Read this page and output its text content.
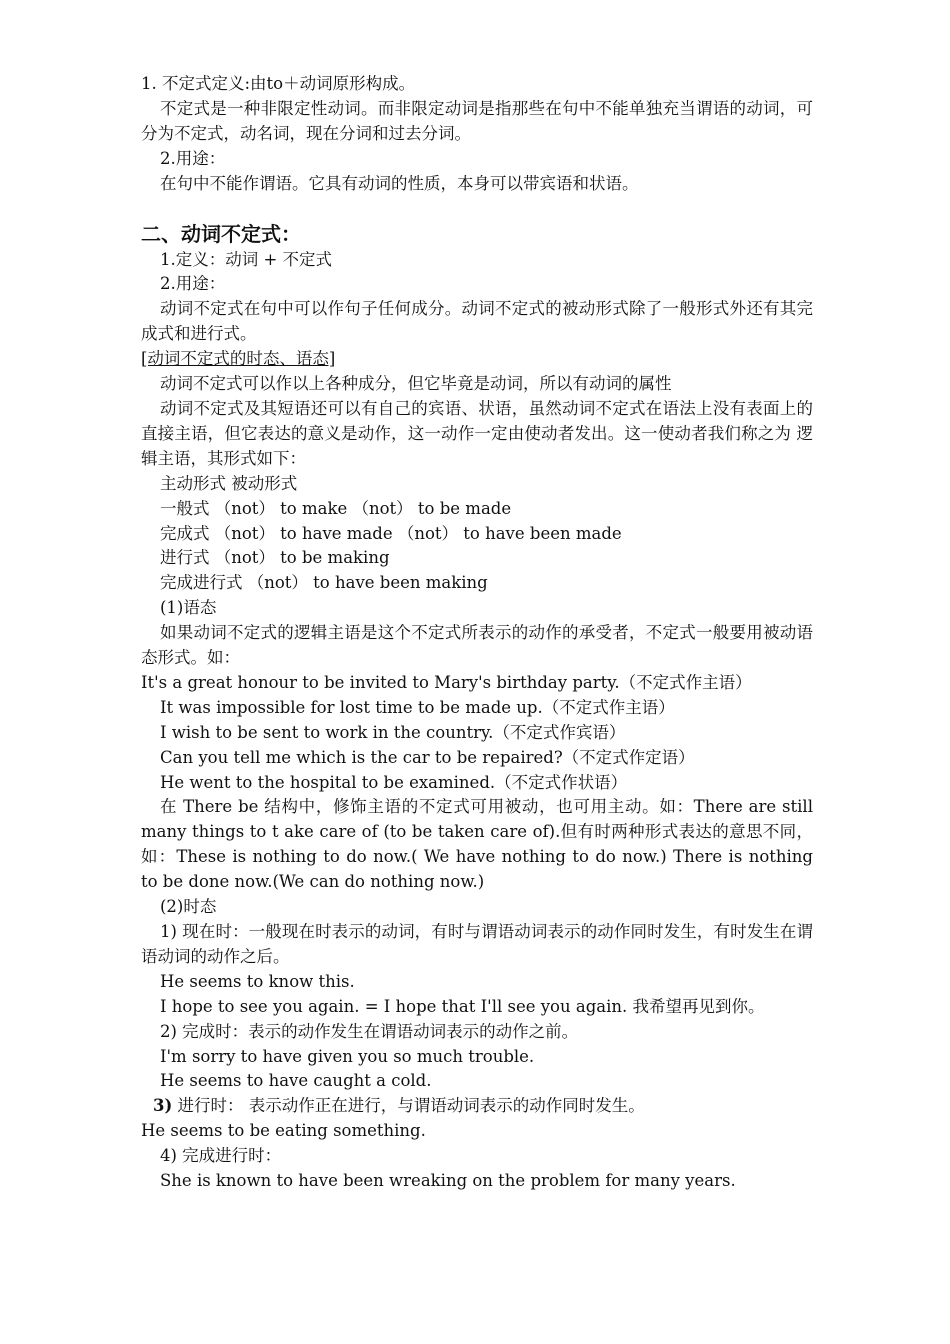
1. 不定式定义:由to＋动词原形构成。
不定式是一种非限定性动词。而非限定动词是指那些在句中不能单独充当谓语的动词，可分为不定式，动名词，现在分词和过去分词。
2.用途：
在句中不能作谓语。它具有动词的性质，本身可以带宾语和状语。
二、动词不定式：
1.定义：动词 + 不定式
2.用途：
动词不定式在句中可以作句子任何成分。动词不定式的被动形式除了一般形式外还有其完成式和进行式。
[动词不定式的时态、语态]
动词不定式可以作以上各种成分，但它毕竟是动词，所以有动词的属性
动词不定式及其短语还可以有自己的宾语、状语，虽然动词不定式在语法上没有表面上的直接主语，但它表达的意义是动作，这一动作一定由使动者发出。这一使动者我们称之为 逻辑主语，其形式如下：
主动形式 被动形式
一般式 （not） to make （not） to be made
完成式 （not） to have made （not） to have been made
进行式 （not） to be making
完成进行式 （not） to have been making
(1)语态
如果动词不定式的逻辑主语是这个不定式所表示的动作的承受者，不定式一般要用被动语态形式。如：
It's a great honour to be invited to Mary's birthday party.（不定式作主语）
It was impossible for lost time to be made up.（不定式作主语）
I wish to be sent to work in the country.（不定式作宾语）
Can you tell me which is the car to be repaired?（不定式作定语）
He went to the hospital to be examined.（不定式作状语）
在 There be 结构中，修饰主语的不定式可用被动，也可用主动。如：There are still many things to t ake care of (to be taken care of).但有时两种形式表达的意思不同，如：These is nothing to do now.( We have nothing to do now.) There is nothing to be done now.(We can do nothing now.)
(2)时态
1) 现在时：一般现在时表示的动词，有时与谓语动词表示的动作同时发生，有时发生在谓语动词的动作之后。
He seems to know this.
I hope to see you again. = I hope that I'll see you again. 我希望再见到你。
2) 完成时：表示的动作发生在谓语动词表示的动作之前。
I'm sorry to have given you so much trouble.
He seems to have caught a cold.
3) 进行时： 表示动作正在进行，与谓语动词表示的动作同时发生。
He seems to be eating something.
4) 完成进行时：
She is known to have been wreaking on the problem for many years.
